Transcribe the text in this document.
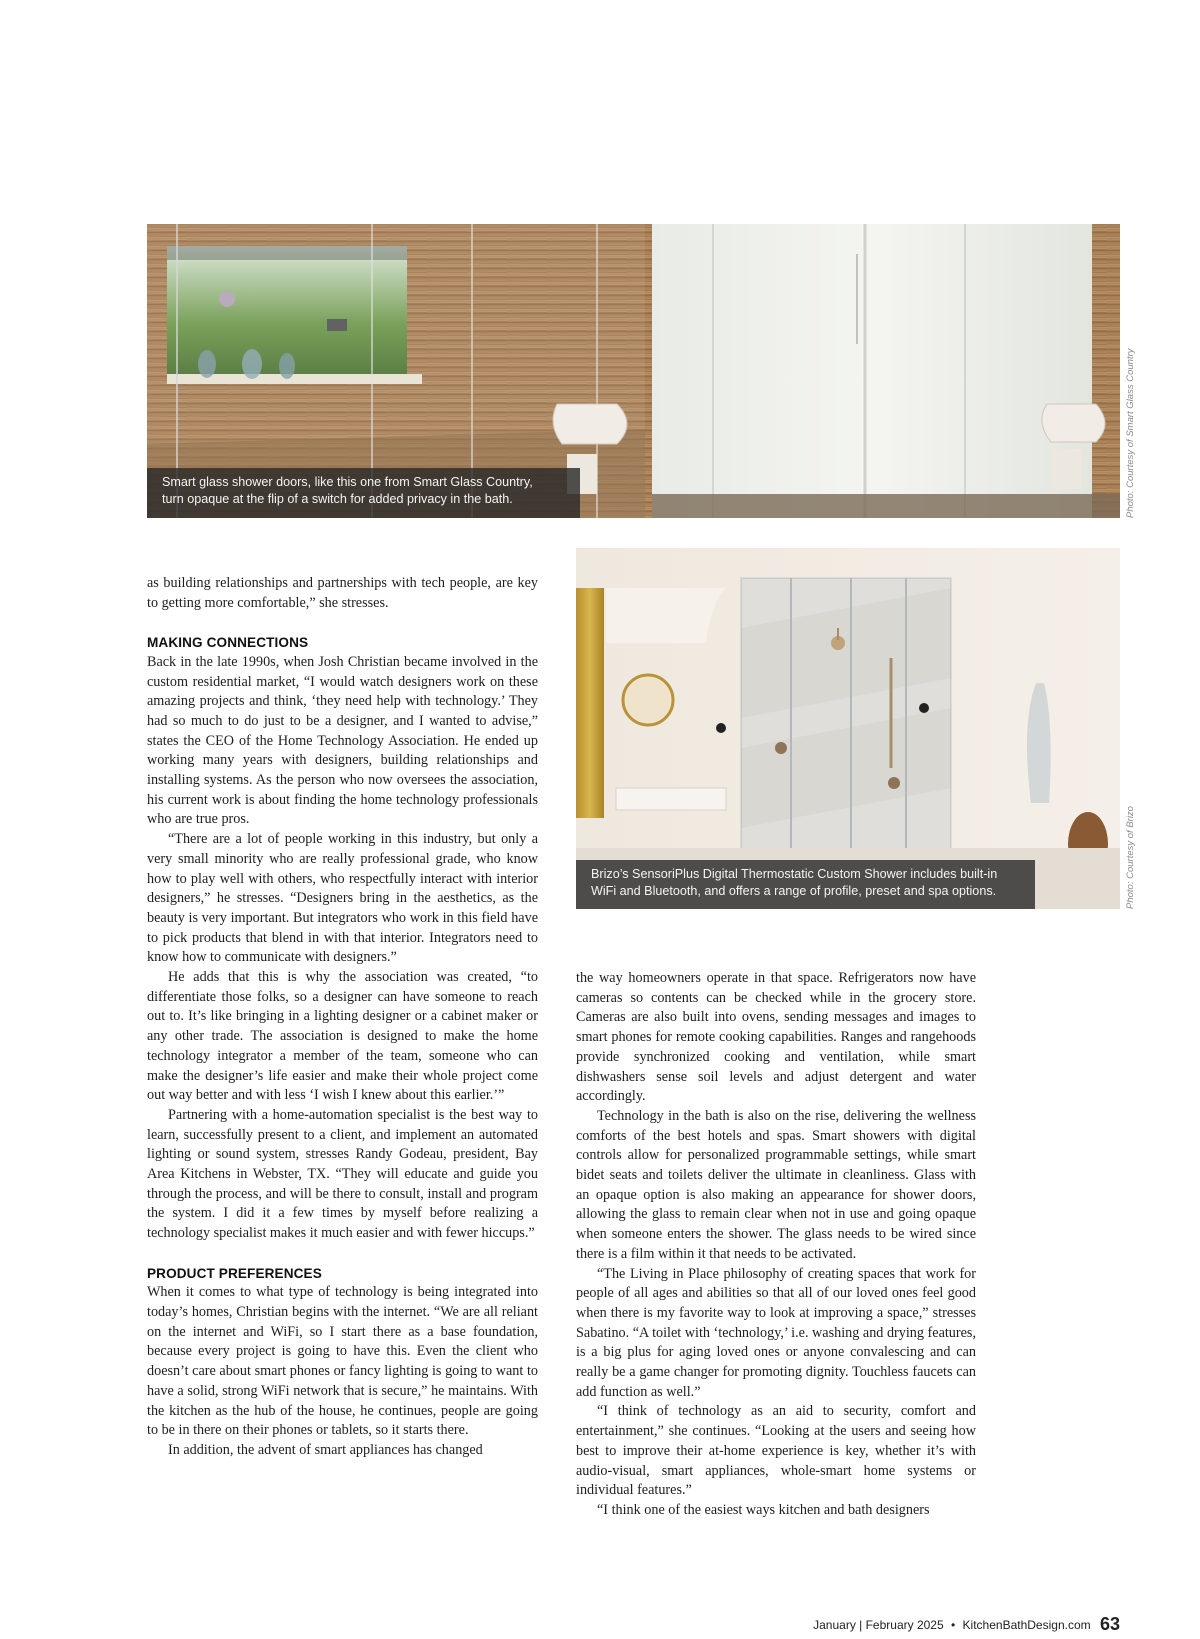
Smart glass shower doors, like this one from Smart Glass Country,
turn opaque at the flip of a switch for added privacy in the bath.	Photo: Courtesy of Smart Glass Country
Brizo’s SensoriPlus Digital Thermostatic Custom Shower includes built-in
WiFi and Bluetooth, and offers a range of profile, preset and spa options.	Photo: Courtesy of Brizo

as building relationships and partnerships with tech people, are key to getting more comfortable,” she stresses.

MAKING CONNECTIONS

Back in the late 1990s, when Josh Christian became involved in the custom residential market, “I would watch designers work on these amazing projects and think, ‘they need help with technology.’ They had so much to do just to be a designer, and I wanted to advise,” states the CEO of the Home Technology Association. He ended up working many years with designers, building relationships and installing systems. As the person who now oversees the association, his current work is about finding the home technology professionals who are true pros.

“There are a lot of people working in this industry, but only a very small minority who are really professional grade, who know how to play well with others, who respectfully interact with interior designers,” he stresses. “Designers bring in the aesthetics, as the beauty is very important. But integrators who work in this field have to pick products that blend in with that interior. Integrators need to know how to communicate with designers.”

He adds that this is why the association was created, “to differentiate those folks, so a designer can have someone to reach out to. It’s like bringing in a lighting designer or a cabinet maker or any other trade. The association is designed to make the home technology integrator a member of the team, someone who can make the designer’s life easier and make their whole project come out way better and with less ‘I wish I knew about this earlier.’”

Partnering with a home-automation specialist is the best way to learn, successfully present to a client, and implement an automated lighting or sound system, stresses Randy Godeau, president, Bay Area Kitchens in Webster, TX. “They will educate and guide you through the process, and will be there to consult, install and program the system. I did it a few times by myself before realizing a technology specialist makes it much easier and with fewer hiccups.”

PRODUCT PREFERENCES

When it comes to what type of technology is being integrated into today’s homes, Christian begins with the internet. “We are all reliant on the internet and WiFi, so I start there as a base foundation, because every project is going to have this. Even the client who doesn’t care about smart phones or fancy lighting is going to want to have a solid, strong WiFi network that is secure,” he maintains. With the kitchen as the hub of the house, he continues, people are going to be in there on their phones or tablets, so it starts there.

In addition, the advent of smart appliances has changed

the way homeowners operate in that space. Refrigerators now have cameras so contents can be checked while in the grocery store. Cameras are also built into ovens, sending messages and images to smart phones for remote cooking capabilities. Ranges and rangehoods provide synchronized cooking and ventilation, while smart dishwashers sense soil levels and adjust detergent and water accordingly.

Technology in the bath is also on the rise, delivering the wellness comforts of the best hotels and spas. Smart showers with digital controls allow for personalized programmable settings, while smart bidet seats and toilets deliver the ultimate in cleanliness. Glass with an opaque option is also making an appearance for shower doors, allowing the glass to remain clear when not in use and going opaque when someone enters the shower. The glass needs to be wired since there is a film within it that needs to be activated.

“The Living in Place philosophy of creating spaces that work for people of all ages and abilities so that all of our loved ones feel good when there is my favorite way to look at improving a space,” stresses Sabatino. “A toilet with ‘technology,’ i.e. washing and drying features, is a big plus for aging loved ones or anyone convalescing and can really be a game changer for promoting dignity. Touchless faucets can add function as well.”

“I think of technology as an aid to security, comfort and entertainment,” she continues. “Looking at the users and seeing how best to improve their at-home experience is key, whether it’s with audio-visual, smart appliances, whole-smart home systems or individual features.”

“I think one of the easiest ways kitchen and bath designers

January | February 2025 • KitchenBathDesign.com 63
